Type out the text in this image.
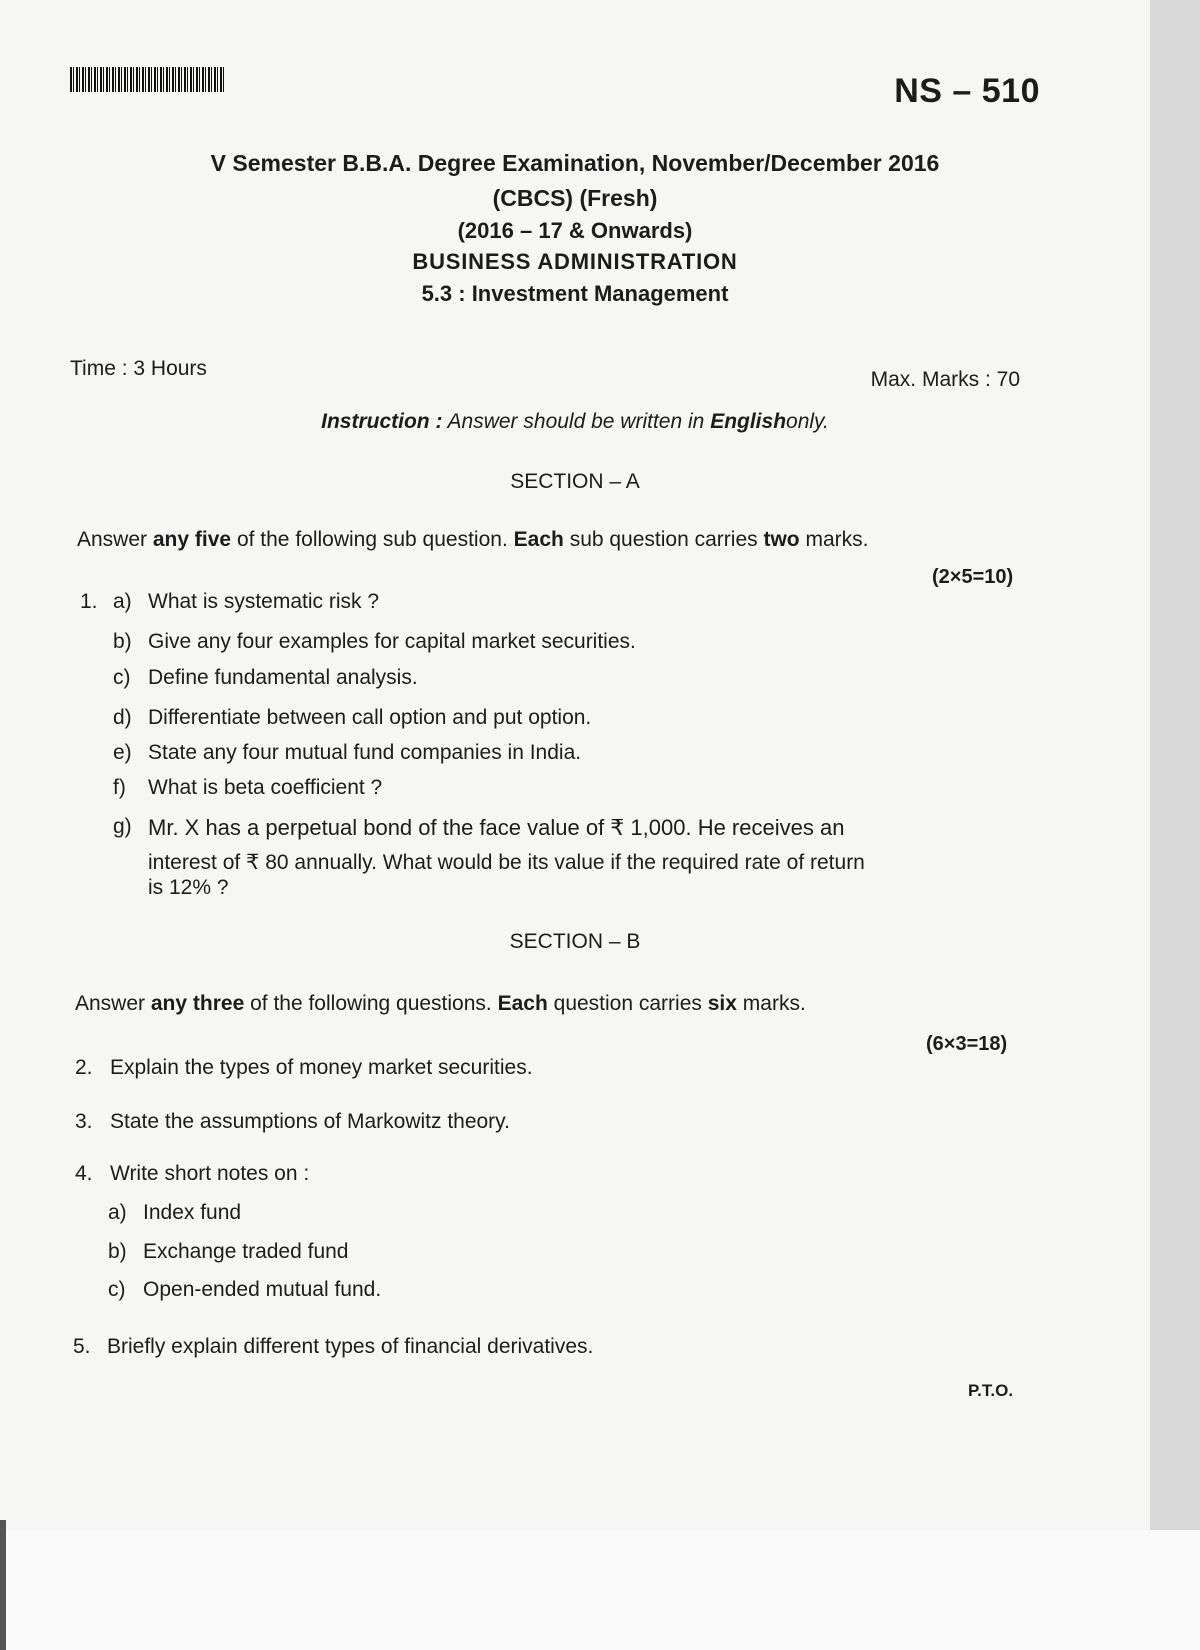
NS – 510
V Semester B.B.A. Degree Examination, November/December 2016
(CBCS) (Fresh)
(2016 – 17 & Onwards)
BUSINESS ADMINISTRATION
5.3 : Investment Management
Time : 3 Hours	Max. Marks : 70
Instruction : Answer should be written in Englishonly.
SECTION – A
Answer any five of the following sub question. Each sub question carries two marks.
(2×5=10)
1. a) What is systematic risk ?
b) Give any four examples for capital market securities.
c) Define fundamental analysis.
d) Differentiate between call option and put option.
e) State any four mutual fund companies in India.
f) What is beta coefficient ?
g) Mr. X has a perpetual bond of the face value of ₹ 1,000. He receives an
interest of ₹ 80 annually. What would be its value if the required rate of return
is 12% ?
SECTION – B
Answer any three of the following questions. Each question carries six marks.
(6×3=18)
2. Explain the types of money market securities.
3. State the assumptions of Markowitz theory.
4. Write short notes on :
a) Index fund
b) Exchange traded fund
c) Open-ended mutual fund.
5. Briefly explain different types of financial derivatives.
P.T.O.
